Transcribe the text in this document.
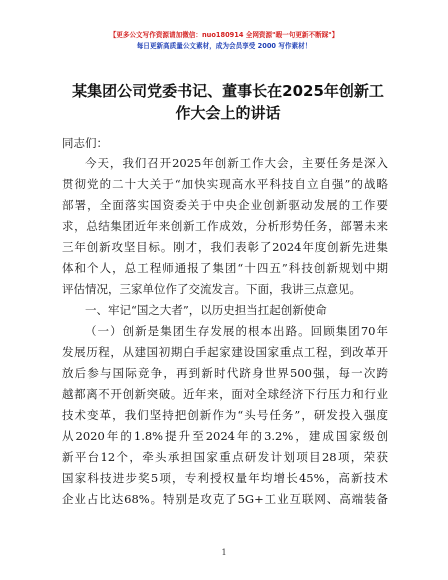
【更多公文写作资源请加微信：nuo180914 全网资源"暇一句更新不断踩"】
每日更新高质量公文素材，成为会员享受 2000 写作素材！
某集团公司党委书记、董事长在2025年创新工
作大会上的讲话
同志们：
今天，我们召开2025年创新工作大会，主要任务是深入
贯彻党的二十大关于“加快实现高水平科技自立自强”的战略
部署，全面落实国资委关于中央企业创新驱动发展的工作要
求，总结集团近年来创新工作成效，分析形势任务，部署未来
三年创新攻坚目标。刚才，我们表彰了2024年度创新先进集
体和个人，总工程师通报了集团“十四五”科技创新规划中期
评估情况，三家单位作了交流发言。下面，我讲三点意见。
一、牢记“国之大者”，以历史担当扛起创新使命
（一）创新是集团生存发展的根本出路。回顾集团70年
发展历程，从建国初期白手起家建设国家重点工程，到改革开
放后参与国际竞争，再到新时代跻身世界500强，每一次跨
越都离不开创新突破。近年来，面对全球经济下行压力和行业
技术变革，我们坚持把创新作为“头号任务”，研发投入强度
从2020年的1.8%提升至2024年的3.2%，建成国家级创
新平台12个，牵头承担国家重点研发计划项目28项，荣获
国家科技进步奖5项，专利授权量年均增长45%，高新技术
企业占比达68%。特别是攻克了5G+工业互联网、高端装备
1
